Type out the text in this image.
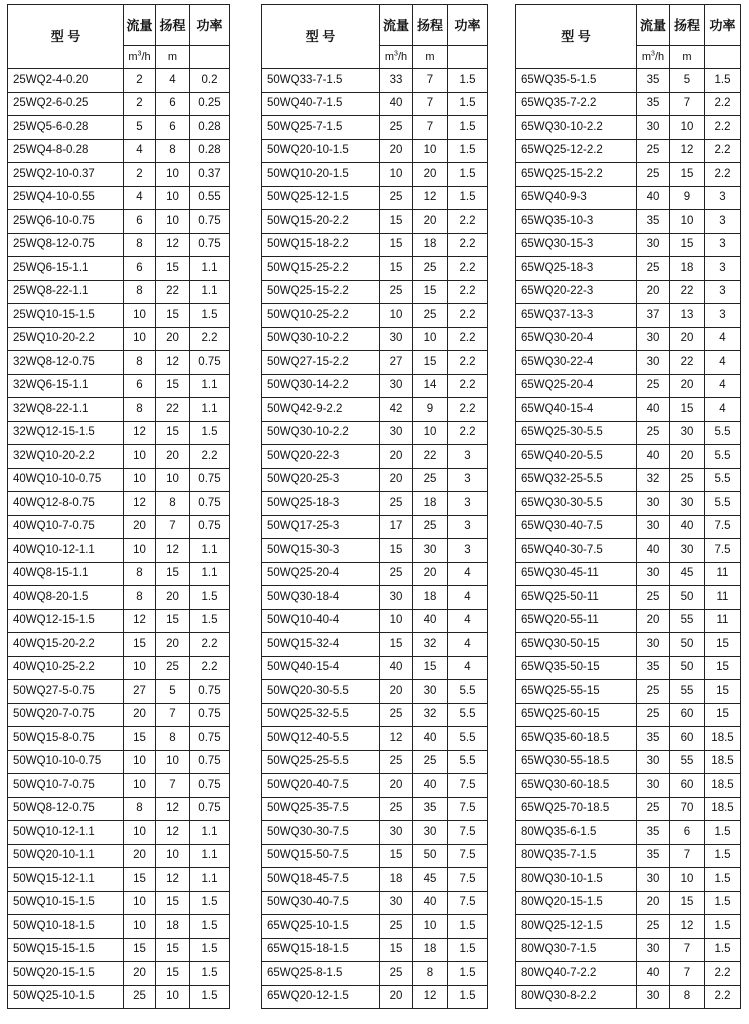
型 号	流量	扬程	功率
	$m^3/h$	m	
25WQ2-4-0.20	2	4	0.2
25WQ2-6-0.25	2	6	0.25
25WQ5-6-0.28	5	6	0.28
25WQ4-8-0.28	4	8	0.28
25WQ2-10-0.37	2	10	0.37
25WQ4-10-0.55	4	10	0.55
25WQ6-10-0.75	6	10	0.75
25WQ8-12-0.75	8	12	0.75
25WQ6-15-1.1	6	15	1.1
25WQ8-22-1.1	8	22	1.1
25WQ10-15-1.5	10	15	1.5
25WQ10-20-2.2	10	20	2.2
32WQ8-12-0.75	8	12	0.75
32WQ6-15-1.1	6	15	1.1
32WQ8-22-1.1	8	22	1.1
32WQ12-15-1.5	12	15	1.5
32WQ10-20-2.2	10	20	2.2
40WQ10-10-0.75	10	10	0.75
40WQ12-8-0.75	12	8	0.75
40WQ10-7-0.75	20	7	0.75
40WQ10-12-1.1	10	12	1.1
40WQ8-15-1.1	8	15	1.1
40WQ8-20-1.5	8	20	1.5
40WQ12-15-1.5	12	15	1.5
40WQ15-20-2.2	15	20	2.2
40WQ10-25-2.2	10	25	2.2
50WQ27-5-0.75	27	5	0.75
50WQ20-7-0.75	20	7	0.75
50WQ15-8-0.75	15	8	0.75
50WQ10-10-0.75	10	10	0.75
50WQ10-7-0.75	10	7	0.75
50WQ8-12-0.75	8	12	0.75
50WQ10-12-1.1	10	12	1.1
50WQ20-10-1.1	20	10	1.1
50WQ15-12-1.1	15	12	1.1
50WQ10-15-1.5	10	15	1.5
50WQ10-18-1.5	10	18	1.5
50WQ15-15-1.5	15	15	1.5
50WQ20-15-1.5	20	15	1.5
50WQ25-10-1.5	25	10	1.5
型 号	流量	扬程	功率
	$m^3/h$	m	
50WQ33-7-1.5	33	7	1.5
50WQ40-7-1.5	40	7	1.5
50WQ25-7-1.5	25	7	1.5
50WQ20-10-1.5	20	10	1.5
50WQ10-20-1.5	10	20	1.5
50WQ25-12-1.5	25	12	1.5
50WQ15-20-2.2	15	20	2.2
50WQ15-18-2.2	15	18	2.2
50WQ15-25-2.2	15	25	2.2
50WQ25-15-2.2	25	15	2.2
50WQ10-25-2.2	10	25	2.2
50WQ30-10-2.2	30	10	2.2
50WQ27-15-2.2	27	15	2.2
50WQ30-14-2.2	30	14	2.2
50WQ42-9-2.2	42	9	2.2
50WQ30-10-2.2	30	10	2.2
50WQ20-22-3	20	22	3
50WQ20-25-3	20	25	3
50WQ25-18-3	25	18	3
50WQ17-25-3	17	25	3
50WQ15-30-3	15	30	3
50WQ25-20-4	25	20	4
50WQ30-18-4	30	18	4
50WQ10-40-4	10	40	4
50WQ15-32-4	15	32	4
50WQ40-15-4	40	15	4
50WQ20-30-5.5	20	30	5.5
50WQ25-32-5.5	25	32	5.5
50WQ12-40-5.5	12	40	5.5
50WQ25-25-5.5	25	25	5.5
50WQ20-40-7.5	20	40	7.5
50WQ25-35-7.5	25	35	7.5
50WQ30-30-7.5	30	30	7.5
50WQ15-50-7.5	15	50	7.5
50WQ18-45-7.5	18	45	7.5
50WQ30-40-7.5	30	40	7.5
65WQ25-10-1.5	25	10	1.5
65WQ15-18-1.5	15	18	1.5
65WQ25-8-1.5	25	8	1.5
65WQ20-12-1.5	20	12	1.5
型 号	流量	扬程	功率
	$m^3/h$	m	
65WQ35-5-1.5	35	5	1.5
65WQ35-7-2.2	35	7	2.2
65WQ30-10-2.2	30	10	2.2
65WQ25-12-2.2	25	12	2.2
65WQ25-15-2.2	25	15	2.2
65WQ40-9-3	40	9	3
65WQ35-10-3	35	10	3
65WQ30-15-3	30	15	3
65WQ25-18-3	25	18	3
65WQ20-22-3	20	22	3
65WQ37-13-3	37	13	3
65WQ30-20-4	30	20	4
65WQ30-22-4	30	22	4
65WQ25-20-4	25	20	4
65WQ40-15-4	40	15	4
65WQ25-30-5.5	25	30	5.5
65WQ40-20-5.5	40	20	5.5
65WQ32-25-5.5	32	25	5.5
65WQ30-30-5.5	30	30	5.5
65WQ30-40-7.5	30	40	7.5
65WQ40-30-7.5	40	30	7.5
65WQ30-45-11	30	45	11
65WQ25-50-11	25	50	11
65WQ20-55-11	20	55	11
65WQ30-50-15	30	50	15
65WQ35-50-15	35	50	15
65WQ25-55-15	25	55	15
65WQ25-60-15	25	60	15
65WQ35-60-18.5	35	60	18.5
65WQ30-55-18.5	30	55	18.5
65WQ30-60-18.5	30	60	18.5
65WQ25-70-18.5	25	70	18.5
80WQ35-6-1.5	35	6	1.5
80WQ35-7-1.5	35	7	1.5
80WQ30-10-1.5	30	10	1.5
80WQ20-15-1.5	20	15	1.5
80WQ25-12-1.5	25	12	1.5
80WQ30-7-1.5	30	7	1.5
80WQ40-7-2.2	40	7	2.2
80WQ30-8-2.2	30	8	2.2
